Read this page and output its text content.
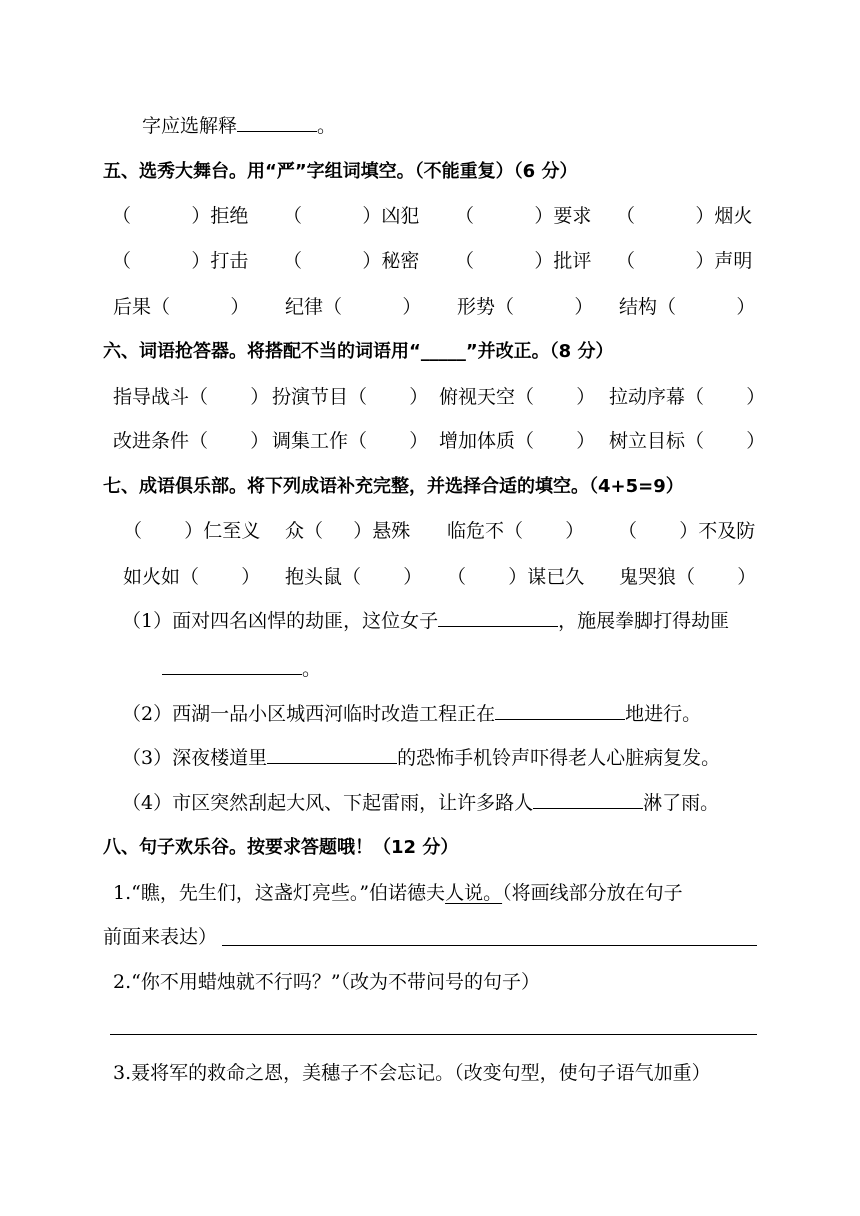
字应选解释	。
五、选秀大舞台。用“严”字组词填空。（不能重复）（6 分）
（          ）拒绝 （          ）凶犯 （          ）要求 （          ）烟火
（          ）打击 （          ）秘密 （          ）批评 （          ）声明
后果（          ） 纪律（          ） 形势（          ） 结构（          ）
六、词语抢答器。将搭配不当的词语用“_____”并改正。（8 分）
指导战斗（       ） 扮演节目（       ） 俯视天空（       ） 拉动序幕（       ）
改进条件（       ） 调集工作（       ） 增加体质（       ） 树立目标（       ）
七、成语俱乐部。将下列成语补充完整，并选择合适的填空。（4+5=9）
（       ）仁至义 众（     ）悬殊 临危不（       ） （       ）不及防
如火如（       ） 抱头鼠（       ） （       ）谋已久 鬼哭狼（       ）
（1）面对四名凶悍的劫匪，这位女子	，施展拳脚打得劫匪
。
（2）西湖一品小区城西河临时改造工程正在	地进行。
（3）深夜楼道里	的恐怖手机铃声吓得老人心脏病复发。
（4）市区突然刮起大风、下起雷雨，让许多路人	淋了雨。
八、句子欢乐谷。按要求答题哦！（12 分）
1.“瞧，先生们，这盏灯亮些。”伯诺德夫人说。（将画线部分放在句子
前面来表达）
2.“你不用蜡烛就不行吗？”（改为不带问号的句子）
3.聂将军的救命之恩，美穗子不会忘记。（改变句型，使句子语气加重）
